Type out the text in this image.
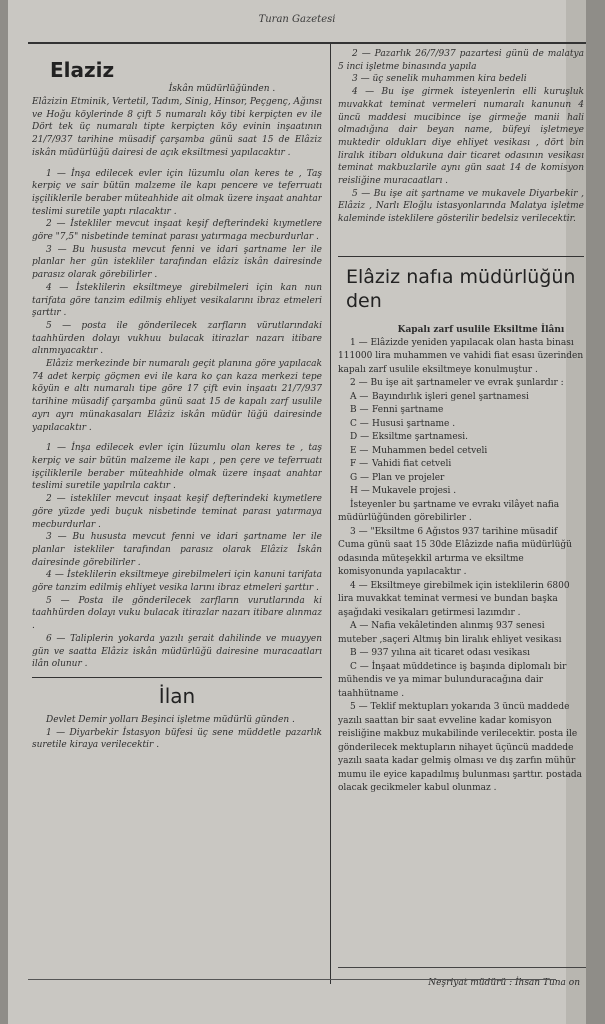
Turan Gazetesi
Elaziz
İskân müdürlüğünden .

Elâzizin Etminik, Vertetil, Tadım, Sinig, Hinsor, Peçgenç, Ağınsı ve Hoğu köylerinde 8 çift 5 numaralı köy tibi kerpiçten ev ile Dört tek üç numaralı tipte kerpiçten köy evinin inşaatının 21/7/937 tarihine müsadif çarşamba günü saat 15 de Elâziz iskân müdürlüğü dairesi de açık eksiltmesi yapılacaktır .

1 — İnşa edilecek evler için lüzumlu olan keres te , Taş kerpiç ve sair bütün malzeme ile kapı pencere ve teferruatı işçiliklerile beraber müteahhide ait olmak üzere inşaat anahtar teslimi suretile yaptı rılacaktır .

2 — İstekliler mevcut inşaat keşif defterindeki kıymetlere göre "7,5" nisbetinde teminat parası yatırmaga mecburdurlar .

3 — Bu hususta mevcut fenni ve idari şartname ler ile planlar her gün istekliler tarafından elâziz iskân dairesinde parasız olarak görebilirler .

4 — İsteklilerin eksiltmeye girebilmeleri için kan nun tarifata göre tanzim edilmiş ehliyet vesikalarını ibraz etmeleri şarttır .

5 — posta ile gönderilecek zarfların vürutlarındaki taahhürden dolayı vukhuu bulacak itirazlar nazarı itibare alınmıyacaktır .

Elâziz merkezinde bir numaralı geçit planına göre yapılacak 74 adet kerpiç göçmen evi ile kara ko çan kaza merkezi tepe köyün e altı numaralı tipe göre 17 çift evin inşaatı 21/7/937 tarihine müsadif çarşamba günü saat 15 de kapalı zarf usulile ayrı ayrı münakasaları Elâziz iskân müdür lüğü dairesinde yapılacaktır .

1 — İnşa edilecek evler için lüzumlu olan keres te , taş kerpiç ve sair bütün malzeme ile kapı , pen çere ve teferruatı işçiliklerile beraber müteahhide olmak üzere inşaat anahtar teslimi suretile yapılrıla caktır .

2 — istekliler mevcut inşaat keşif defterindeki kıymetlere göre yüzde yedi buçuk nisbetinde teminat parası yatırmaya mecburdurlar .

3 — Bu hususta mevcut fenni ve idari şartname ler ile planlar istekliler tarafından parasız olarak Elâziz İskân dairesinde görebilirler .

4 — İsteklilerin eksiltmeye girebilmeleri için kanuni tarifata göre tanzim edilmiş ehliyet vesika larını ibraz etmeleri şarttır .

5 — Posta ile gönderilecek zarfların vurutlarında ki taahhürden dolayı vuku bulacak itirazlar nazarı itibare alınmaz .

6 — Taliplerin yokarda yazılı şerait dahilinde ve muayyen gün ve saatta Elâziz iskân müdürlüğü dairesine muracaatları ilân olunur .

İlan

Devlet Demir yolları Beşinci işletme müdürlü günden .

1 — Diyarbekir İstasyon büfesi üç sene müddetle pazarlık suretile kiraya verilecektir .

2 — Pazarlık 26/7/937 pazartesi günü de malatya 5 inci işletme binasında yapıla

3 — üç senelik muhammen kira bedeli

4 — Bu işe girmek isteyenlerin elli kuruşluk muvakkat teminat vermeleri numaralı kanunun 4 üncü maddesi mucibince işe girmeğe manii hali olmadığına dair beyan name, büfeyi işletmeye muktedir oldukları diye ehliyet vesikası , dört bin liralık itibarı oldukuna dair ticaret odasının vesikası teminat makbuzlarile aynı gün saat 14 de komisyon reisliğine muracaatları .

5 — Bu işe ait şartname ve mukavele Diyarbekir , Elâziz , Narlı Eloğlu istasyonlarında Malatya işletme kaleminde isteklilere gösterilir bedelsiz verilecektir.

Elâziz nafıa müdürlüğün den
Kapalı zarf usulile Eksiltme İlânı

1 — Elâzizde yeniden yapılacak olan hasta binası 111000 lira muhammen ve vahidi fiat esası üzerinden kapalı zarf usulile eksiltmeye konulmuştur .

2 — Bu işe ait şartnameler ve evrak şunlardır :

A — Bayındırlık işleri genel şartnamesi
B — Fenni şartname
C — Hususi şartname .
D — Eksiltme şartnamesi.
E — Muhammen bedel cetveli
F — Vahidi fiat cetveli
G — Plan ve projeler
H — Mukavele projesi .

İsteyenler bu şartname ve evrakı vilâyet nafia müdürlüğünden görebilirler .

3 — "Eksiltme 6 Ağıstos 937 tarihine müsadif Cuma günü saat 15 30de Elâzizde nafia müdürlüğü odasında müteşekkil artırma ve eksiltme komisyonunda yapılacaktır .

4 — Eksiltmeye girebilmek için isteklilerin 6800 lira muvakkat teminat vermesi ve bundan başka aşağıdaki vesikaları getirmesi lazımdır .

A — Nafia vekâletinden alınmış 937 senesi muteber ,saçeri Altmış bin liralık ehliyet vesikası

B — 937 yılına ait ticaret odası vesikası

C — İnşaat müddetince iş başında diplomalı bir mühendis ve ya mimar bulunduracağına dair taahhütname .

5 — Teklif mektupları yokarıda 3 üncü maddede yazılı saattan bir saat evveline kadar komisyon reisliğine makbuz mukabilinde verilecektir. posta ile gönderilecek mektupların nihayet üçüncü maddede yazılı saata kadar gelmiş olması ve dış zarfın mühür mumu ile eyice kapadılmış bulunması şarttır. postada olacak gecikmeler kabul olunmaz .

Neşriyat müdürü : İhsan Tuna on
